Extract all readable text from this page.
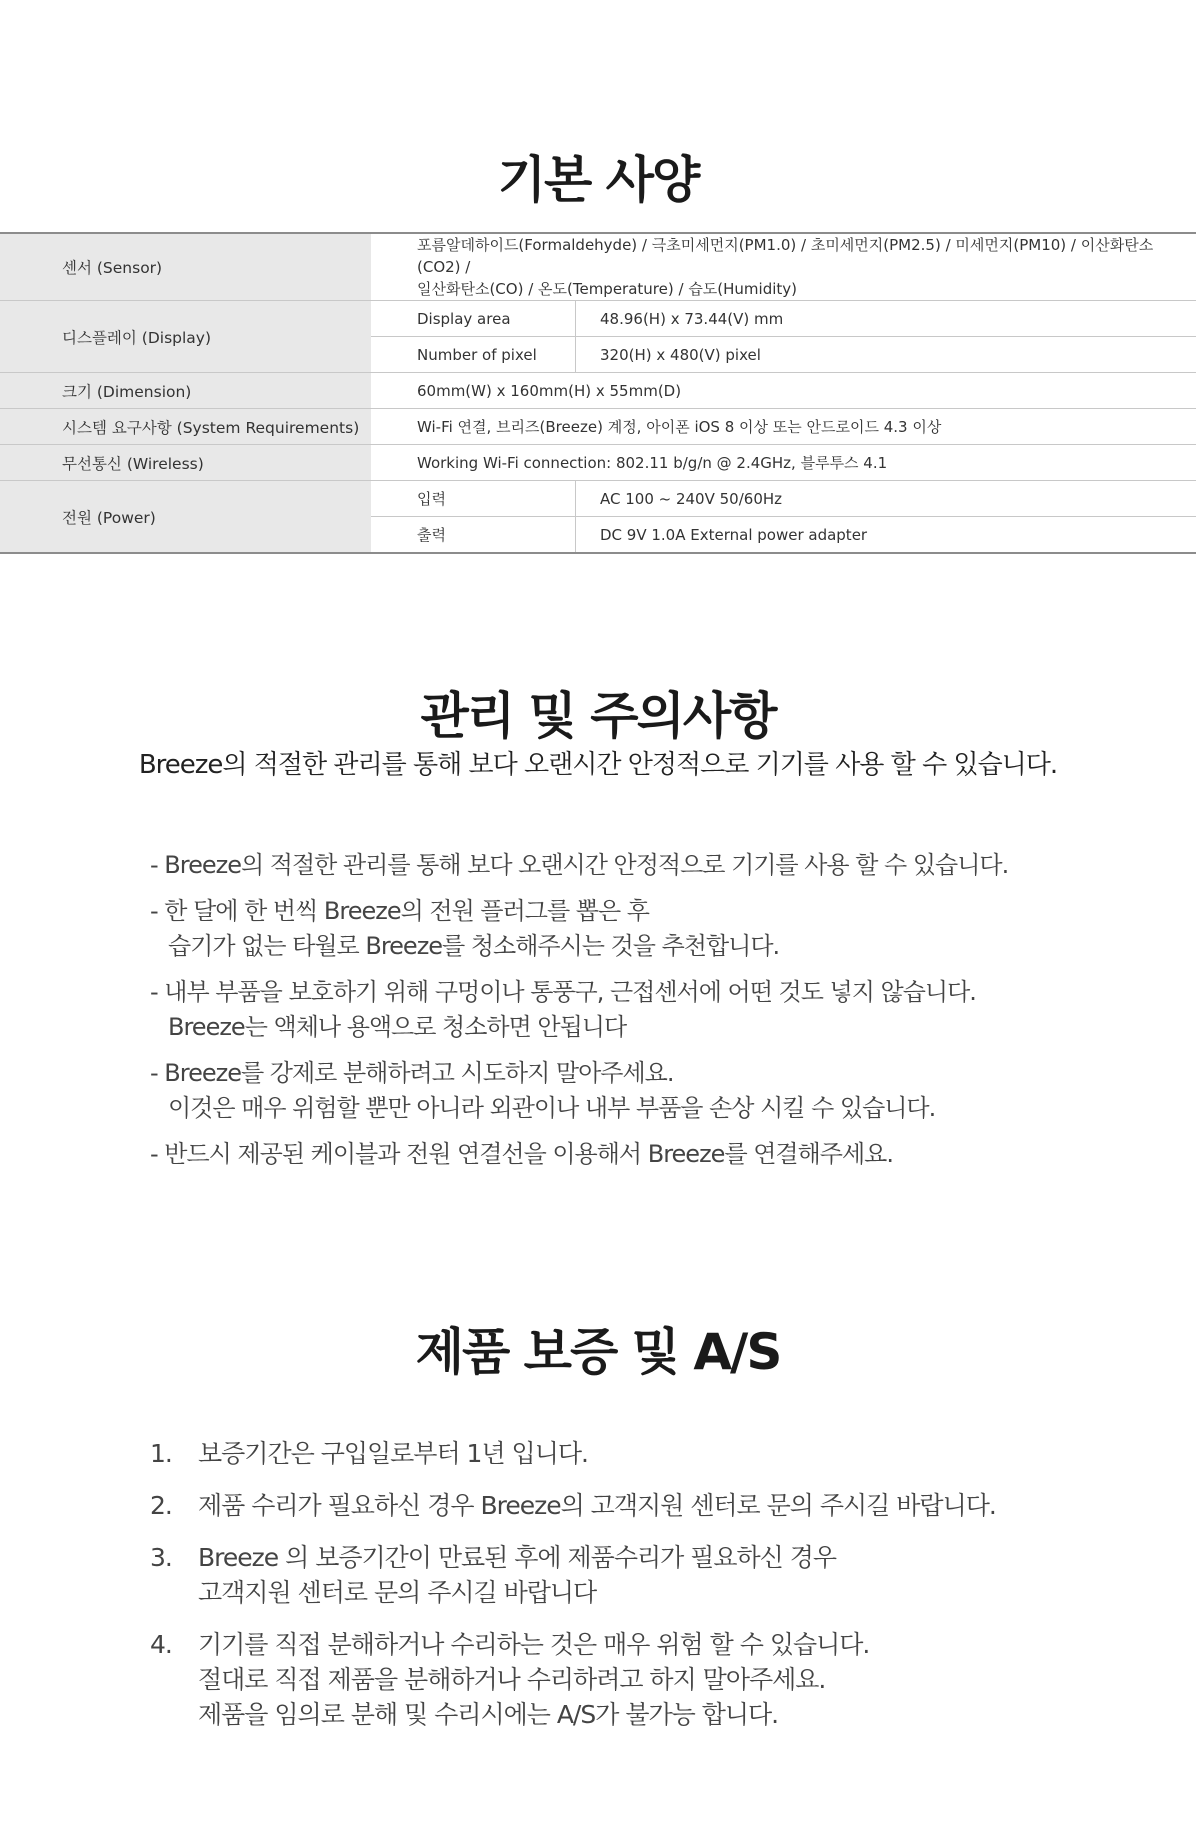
기본 사양
센서 (Sensor)	포름알데하이드(Formaldehyde) / 극초미세먼지(PM1.0) / 초미세먼지(PM2.5) / 미세먼지(PM10) / 이산화탄소(CO2) /
일산화탄소(CO) / 온도(Temperature) / 습도(Humidity)	

디스플레이 (Display)	Display area	48.96(H) x 73.44(V) mm
	Number of pixel	320(H) x 480(V) pixel
크기 (Dimension)	60mm(W) x 160mm(H) x 55mm(D)	
시스템 요구사항 (System Requirements)	Wi-Fi 연결, 브리즈(Breeze) 계정, 아이폰 iOS 8 이상 또는 안드로이드 4.3 이상	
무선통신 (Wireless)	Working Wi-Fi connection: 802.11 b/g/n @ 2.4GHz, 블루투스 4.1	
전원 (Power)	입력	AC 100 ~ 240V 50/60Hz
	출력	DC 9V 1.0A External power adapter
관리 및 주의사항
Breeze의 적절한 관리를 통해 보다 오랜시간 안정적으로 기기를 사용 할 수 있습니다.
- Breeze의 적절한 관리를 통해 보다 오랜시간 안정적으로 기기를 사용 할 수 있습니다.
- 한 달에 한 번씩 Breeze의 전원 플러그를 뽑은 후
습기가 없는 타월로 Breeze를 청소해주시는 것을 추천합니다.
- 내부 부품을 보호하기 위해 구멍이나 통풍구, 근접센서에 어떤 것도 넣지 않습니다.
Breeze는 액체나 용액으로 청소하면 안됩니다
- Breeze를 강제로 분해하려고 시도하지 말아주세요.
이것은 매우 위험할 뿐만 아니라 외관이나 내부 부품을 손상 시킬 수 있습니다.
- 반드시 제공된 케이블과 전원 연결선을 이용해서 Breeze를 연결해주세요.
제품 보증 및 A/S
1.	보증기간은 구입일로부터 1년 입니다.
2.	제품 수리가 필요하신 경우 Breeze의 고객지원 센터로 문의 주시길 바랍니다.
3.	Breeze 의 보증기간이 만료된 후에 제품수리가 필요하신 경우
고객지원 센터로 문의 주시길 바랍니다
4.	기기를 직접 분해하거나 수리하는 것은 매우 위험 할 수 있습니다.
절대로 직접 제품을 분해하거나 수리하려고 하지 말아주세요.
제품을 임의로 분해 및 수리시에는 A/S가 불가능 합니다.
